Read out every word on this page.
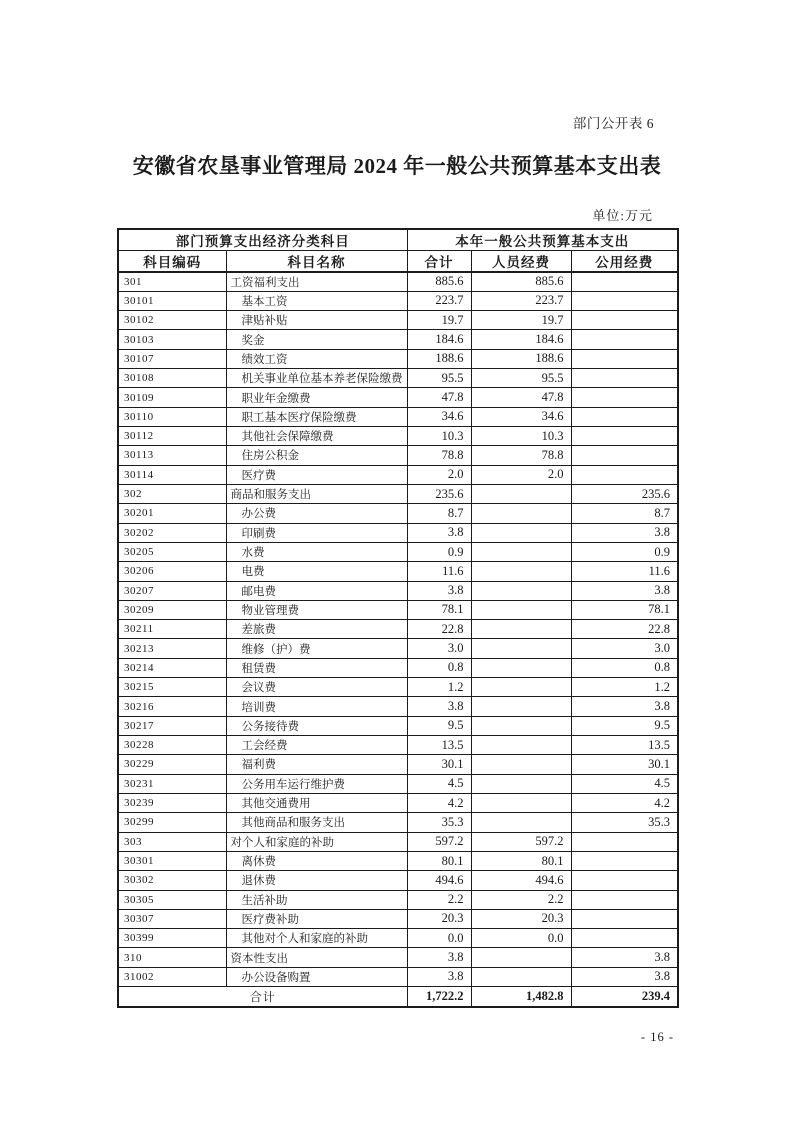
部门公开表 6
安徽省农垦事业管理局 2024 年一般公共预算基本支出表
单位:万元
部门预算支出经济分类科目		本年一般公共预算基本支出		
科目编码	科目名称	合计	人员经费	公用经费
301	工资福利支出	885.6	885.6	
30101	基本工资	223.7	223.7	
30102	津贴补贴	19.7	19.7	
30103	奖金	184.6	184.6	
30107	绩效工资	188.6	188.6	
30108	机关事业单位基本养老保险缴费	95.5	95.5	
30109	职业年金缴费	47.8	47.8	
30110	职工基本医疗保险缴费	34.6	34.6	
30112	其他社会保障缴费	10.3	10.3	
30113	住房公积金	78.8	78.8	
30114	医疗费	2.0	2.0	
302	商品和服务支出	235.6		235.6
30201	办公费	8.7		8.7
30202	印刷费	3.8		3.8
30205	水费	0.9		0.9
30206	电费	11.6		11.6
30207	邮电费	3.8		3.8
30209	物业管理费	78.1		78.1
30211	差旅费	22.8		22.8
30213	维修（护）费	3.0		3.0
30214	租赁费	0.8		0.8
30215	会议费	1.2		1.2
30216	培训费	3.8		3.8
30217	公务接待费	9.5		9.5
30228	工会经费	13.5		13.5
30229	福利费	30.1		30.1
30231	公务用车运行维护费	4.5		4.5
30239	其他交通费用	4.2		4.2
30299	其他商品和服务支出	35.3		35.3
303	对个人和家庭的补助	597.2	597.2	
30301	离休费	80.1	80.1	
30302	退休费	494.6	494.6	
30305	生活补助	2.2	2.2	
30307	医疗费补助	20.3	20.3	
30399	其他对个人和家庭的补助	0.0	0.0	
310	资本性支出	3.8		3.8
31002	办公设备购置	3.8		3.8
合计		1,722.2	1,482.8	239.4
- 16 -
